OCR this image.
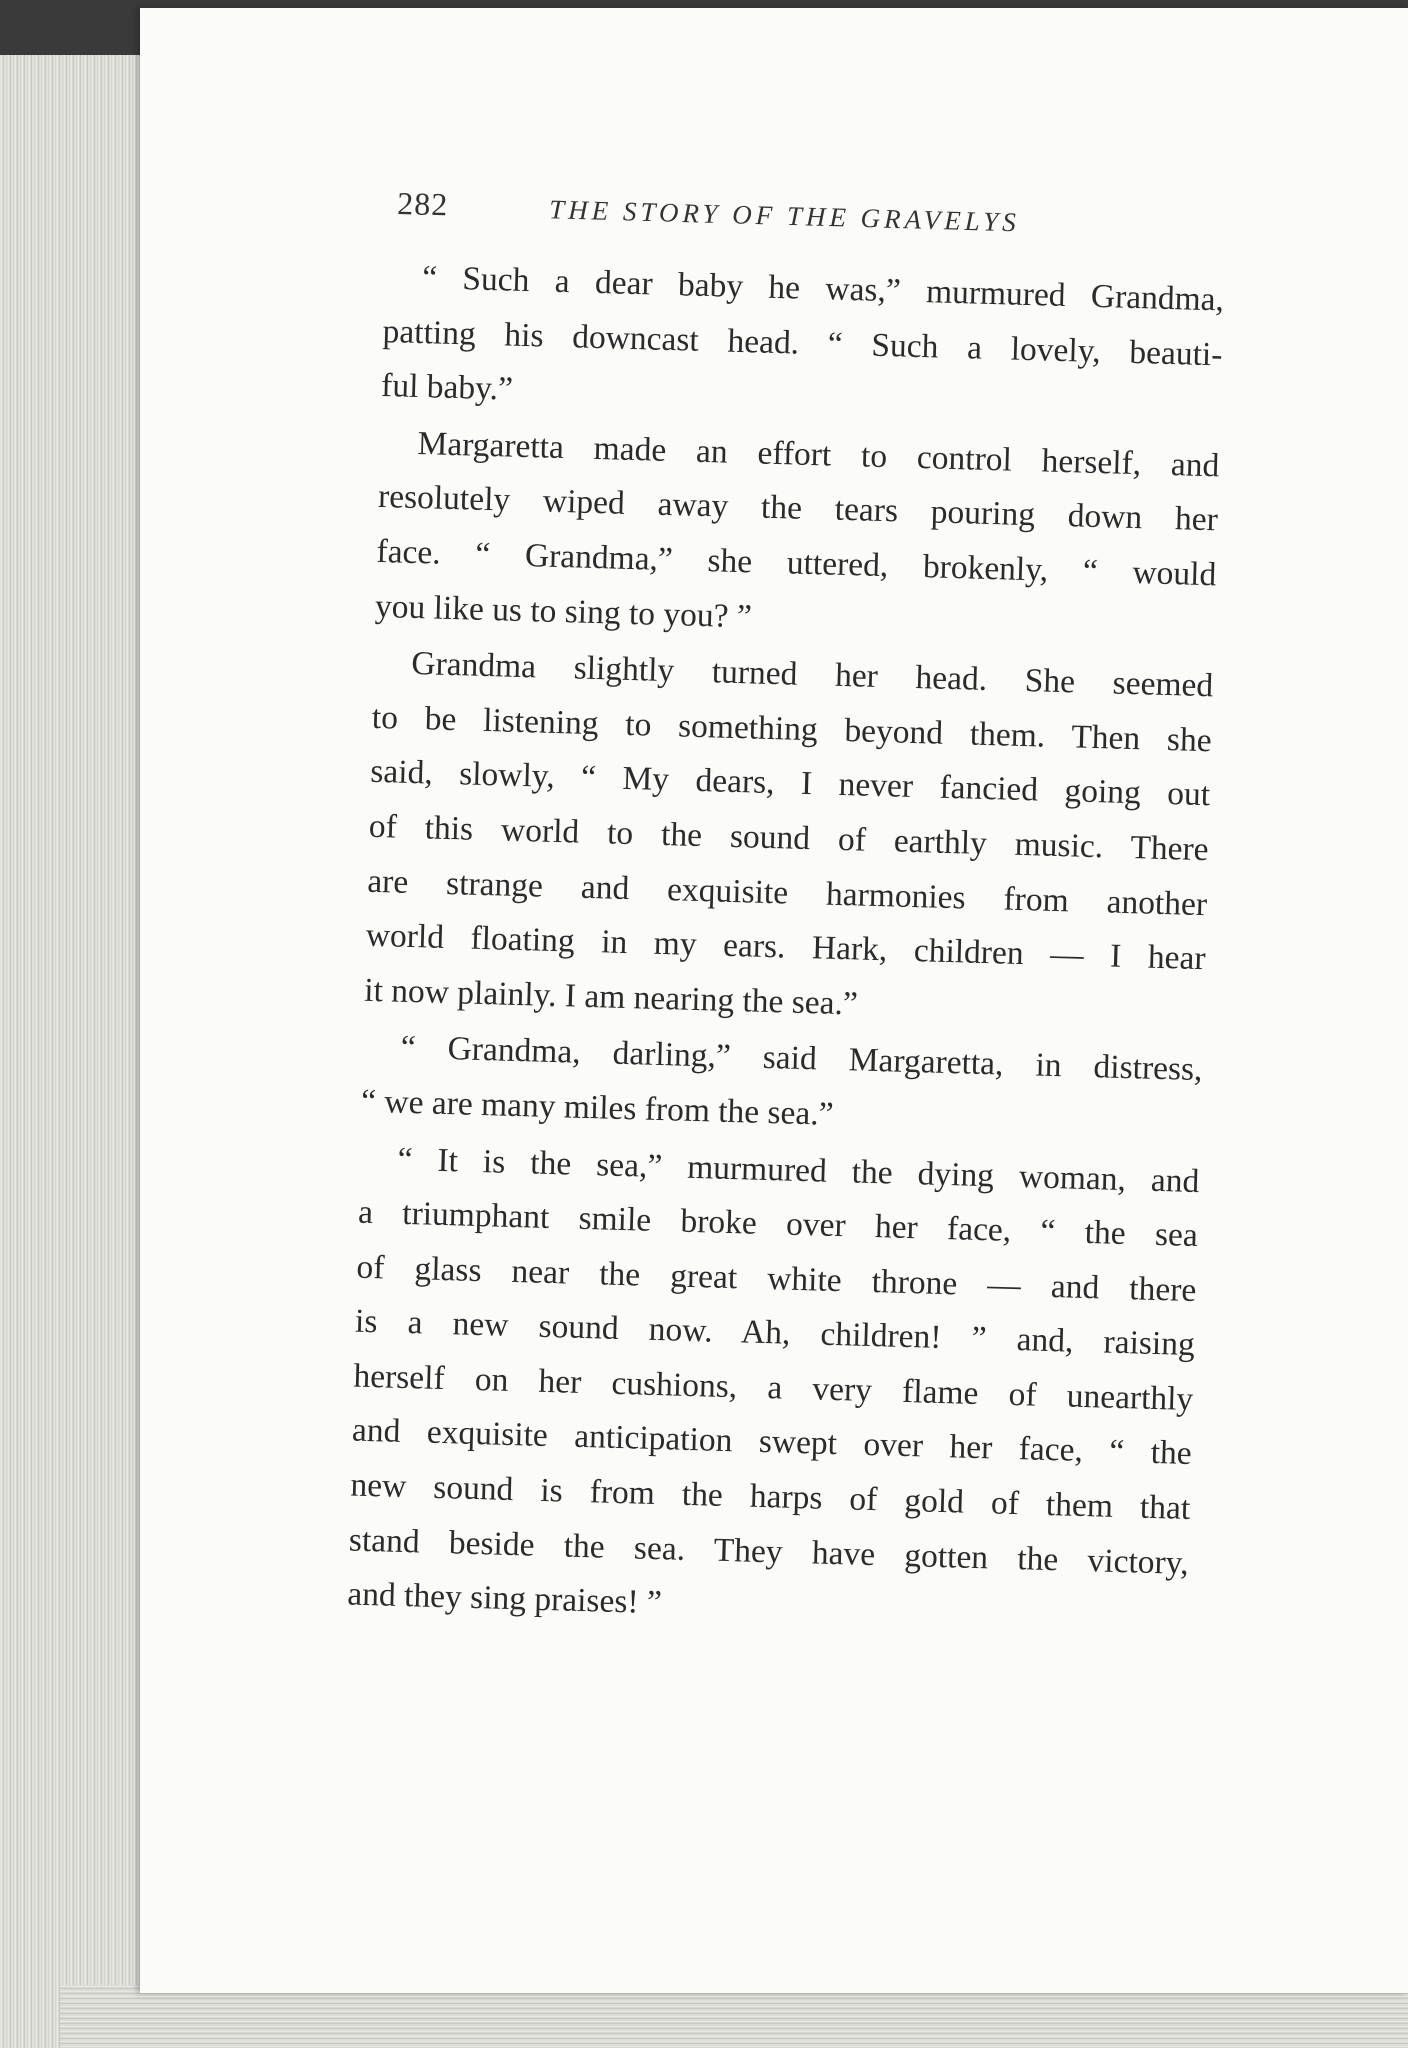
282	THE STORY OF THE GRAVELYS
“ Such a dear baby he was,” murmured Grandma,
patting his downcast head. “ Such a lovely, beauti-
ful baby.”
Margaretta made an effort to control herself, and
resolutely wiped away the tears pouring down her
face. “ Grandma,” she uttered, brokenly, “ would
you like us to sing to you? ”
Grandma slightly turned her head. She seemed
to be listening to something beyond them. Then she
said, slowly, “ My dears, I never fancied going out
of this world to the sound of earthly music. There
are strange and exquisite harmonies from another
world floating in my ears. Hark, children — I hear
it now plainly. I am nearing the sea.”
“ Grandma, darling,” said Margaretta, in distress,
“ we are many miles from the sea.”
“ It is the sea,” murmured the dying woman, and
a triumphant smile broke over her face, “ the sea
of glass near the great white throne — and there
is a new sound now. Ah, children! ” and, raising
herself on her cushions, a very flame of unearthly
and exquisite anticipation swept over her face, “ the
new sound is from the harps of gold of them that
stand beside the sea. They have gotten the victory,
and they sing praises! ”
